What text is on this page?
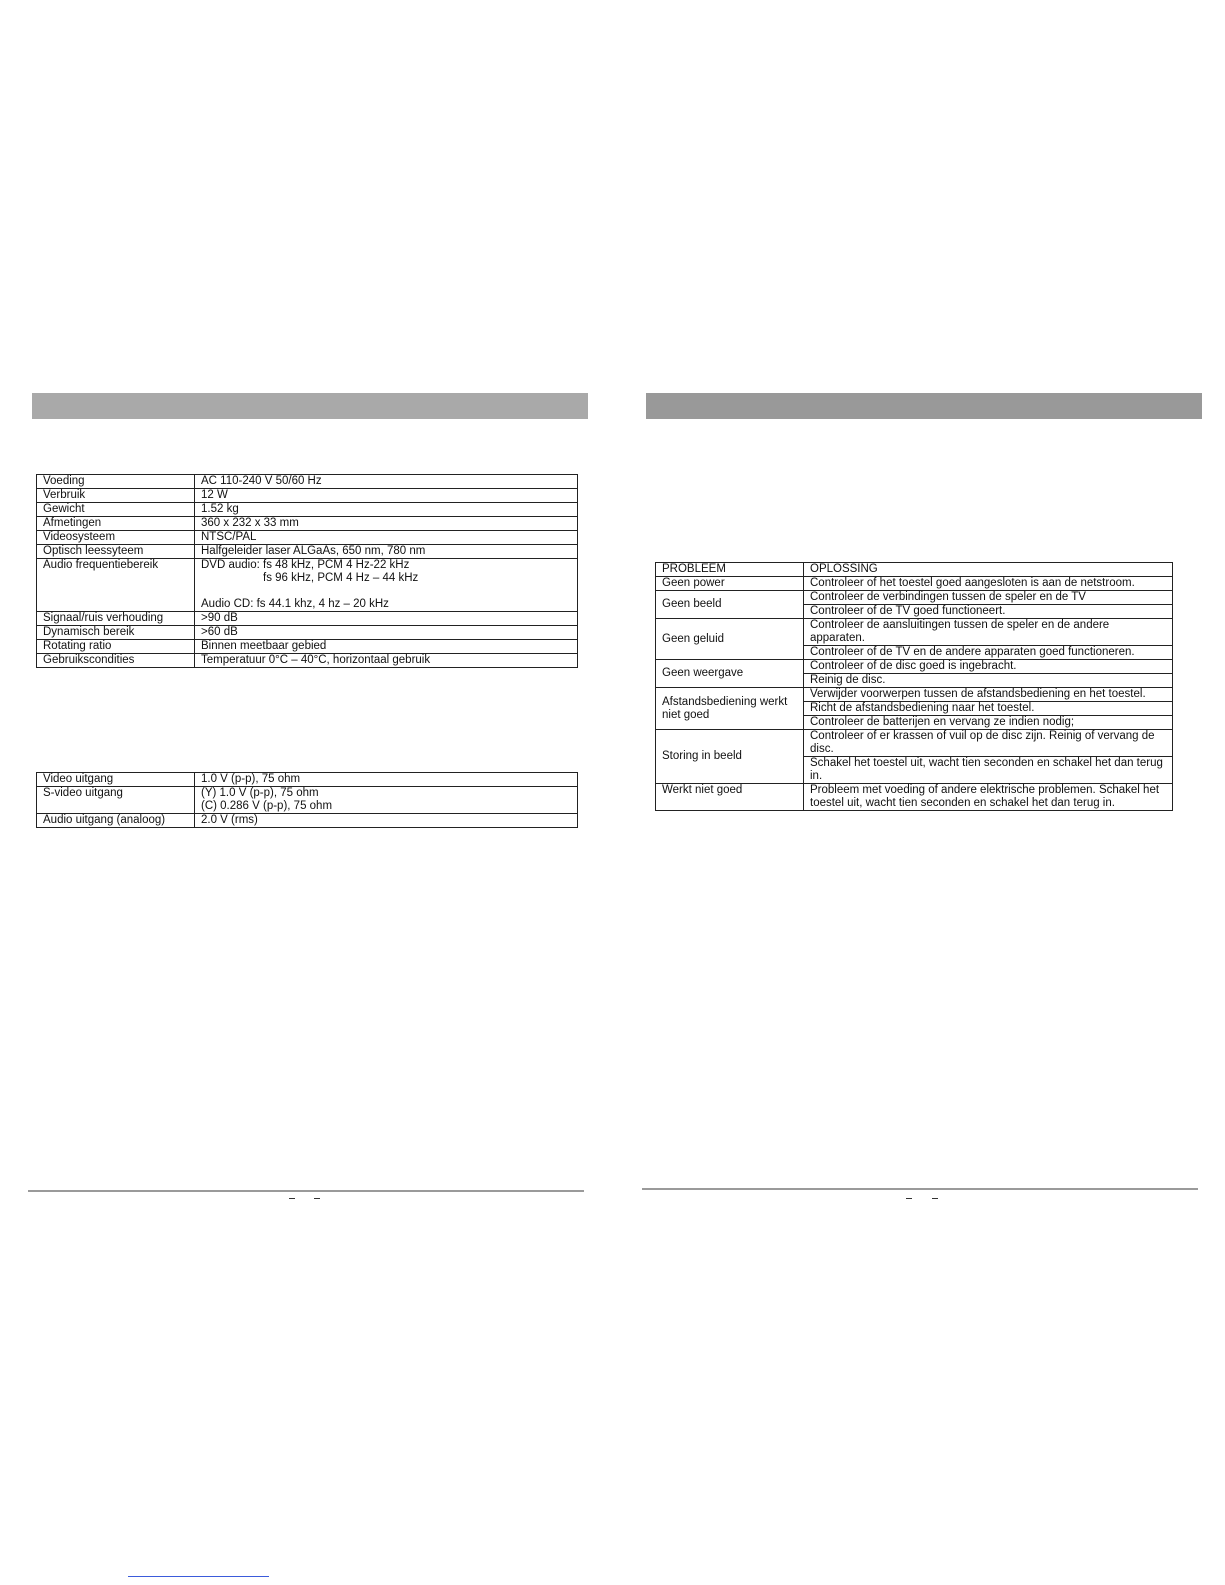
Voeding	AC 110-240 V 50/60 Hz
Verbruik	12 W
Gewicht	1.52 kg
Afmetingen	360 x 232 x 33 mm
Videosysteem	NTSC/PAL
Optisch leessyteem	Halfgeleider laser ALGaAs, 650 nm, 780 nm
Audio frequentiebereik	DVD audio: fs 48 kHz, PCM 4 Hz-22 kHz
fs 96 kHz, PCM 4 Hz – 44 kHz
Audio CD: fs 44.1 khz, 4 hz – 20 kHz

Signaal/ruis verhouding	>90 dB
Dynamisch bereik	>60 dB
Rotating ratio	Binnen meetbaar gebied
Gebruikscondities	Temperatuur 0°C – 40°C, horizontaal gebruik
Video uitgang	1.0 V (p-p), 75 ohm
S-video uitgang	(Y) 1.0 V (p-p), 75 ohm
(C) 0.286 V (p-p), 75 ohm

Audio uitgang (analoog)	2.0 V (rms)
PROBLEEM	OPLOSSING
Geen power	Controleer of het toestel goed aangesloten is aan de netstroom.
Geen beeld	Controleer de verbindingen tussen de speler en de TV
	Controleer of de TV goed functioneert.
Geen geluid	Controleer de aansluitingen tussen de speler en de andere apparaten.
	Controleer of de TV en de andere apparaten goed functioneren.
Geen weergave	Controleer of de disc goed is ingebracht.
	Reinig de disc.
Afstandsbediening werkt niet goed	Verwijder voorwerpen tussen de afstandsbediening en het toestel.
	Richt de afstandsbediening naar het toestel.
	Controleer de batterijen en vervang ze indien nodig;
Storing in beeld	Controleer of er krassen of vuil op de disc zijn. Reinig of vervang de disc.
	Schakel het toestel uit, wacht tien seconden en schakel het dan terug in.
Werkt niet goed	Probleem met voeding of andere elektrische problemen. Schakel het toestel uit, wacht tien seconden en schakel het dan terug in.
